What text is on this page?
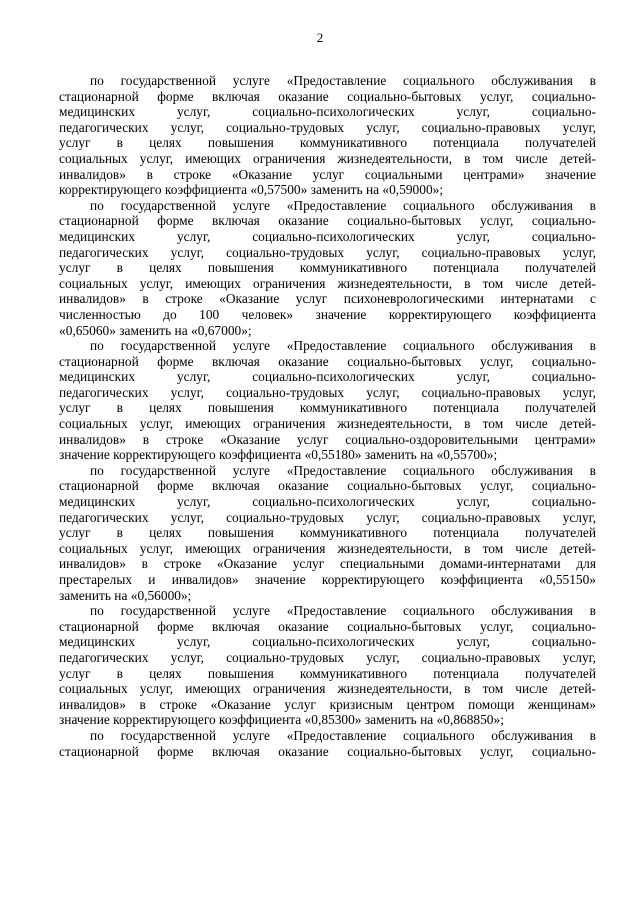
2
по государственной услуге «Предоставление социального обслуживания в
стационарной форме включая оказание социально-бытовых услуг, социально-
медицинских услуг, социально-психологических услуг, социально-
педагогических услуг, социально-трудовых услуг, социально-правовых услуг,
услуг в целях повышения коммуникативного потенциала получателей
социальных услуг, имеющих ограничения жизнедеятельности, в том числе детей-
инвалидов» в строке «Оказание услуг социальными центрами» значение
корректирующего коэффициента «0,57500» заменить на «0,59000»;
по государственной услуге «Предоставление социального обслуживания в
стационарной форме включая оказание социально-бытовых услуг, социально-
медицинских услуг, социально-психологических услуг, социально-
педагогических услуг, социально-трудовых услуг, социально-правовых услуг,
услуг в целях повышения коммуникативного потенциала получателей
социальных услуг, имеющих ограничения жизнедеятельности, в том числе детей-
инвалидов» в строке «Оказание услуг психоневрологическими интернатами с
численностью до 100 человек» значение корректирующего коэффициента
«0,65060» заменить на «0,67000»;
по государственной услуге «Предоставление социального обслуживания в
стационарной форме включая оказание социально-бытовых услуг, социально-
медицинских услуг, социально-психологических услуг, социально-
педагогических услуг, социально-трудовых услуг, социально-правовых услуг,
услуг в целях повышения коммуникативного потенциала получателей
социальных услуг, имеющих ограничения жизнедеятельности, в том числе детей-
инвалидов» в строке «Оказание услуг социально-оздоровительными центрами»
значение корректирующего коэффициента «0,55180» заменить на «0,55700»;
по государственной услуге «Предоставление социального обслуживания в
стационарной форме включая оказание социально-бытовых услуг, социально-
медицинских услуг, социально-психологических услуг, социально-
педагогических услуг, социально-трудовых услуг, социально-правовых услуг,
услуг в целях повышения коммуникативного потенциала получателей
социальных услуг, имеющих ограничения жизнедеятельности, в том числе детей-
инвалидов» в строке «Оказание услуг специальными домами-интернатами для
престарелых и инвалидов» значение корректирующего коэффициента «0,55150»
заменить на «0,56000»;
по государственной услуге «Предоставление социального обслуживания в
стационарной форме включая оказание социально-бытовых услуг, социально-
медицинских услуг, социально-психологических услуг, социально-
педагогических услуг, социально-трудовых услуг, социально-правовых услуг,
услуг в целях повышения коммуникативного потенциала получателей
социальных услуг, имеющих ограничения жизнедеятельности, в том числе детей-
инвалидов» в строке «Оказание услуг кризисным центром помощи женщинам»
значение корректирующего коэффициента «0,85300» заменить на «0,868850»;
по государственной услуге «Предоставление социального обслуживания в
стационарной форме включая оказание социально-бытовых услуг, социально-
